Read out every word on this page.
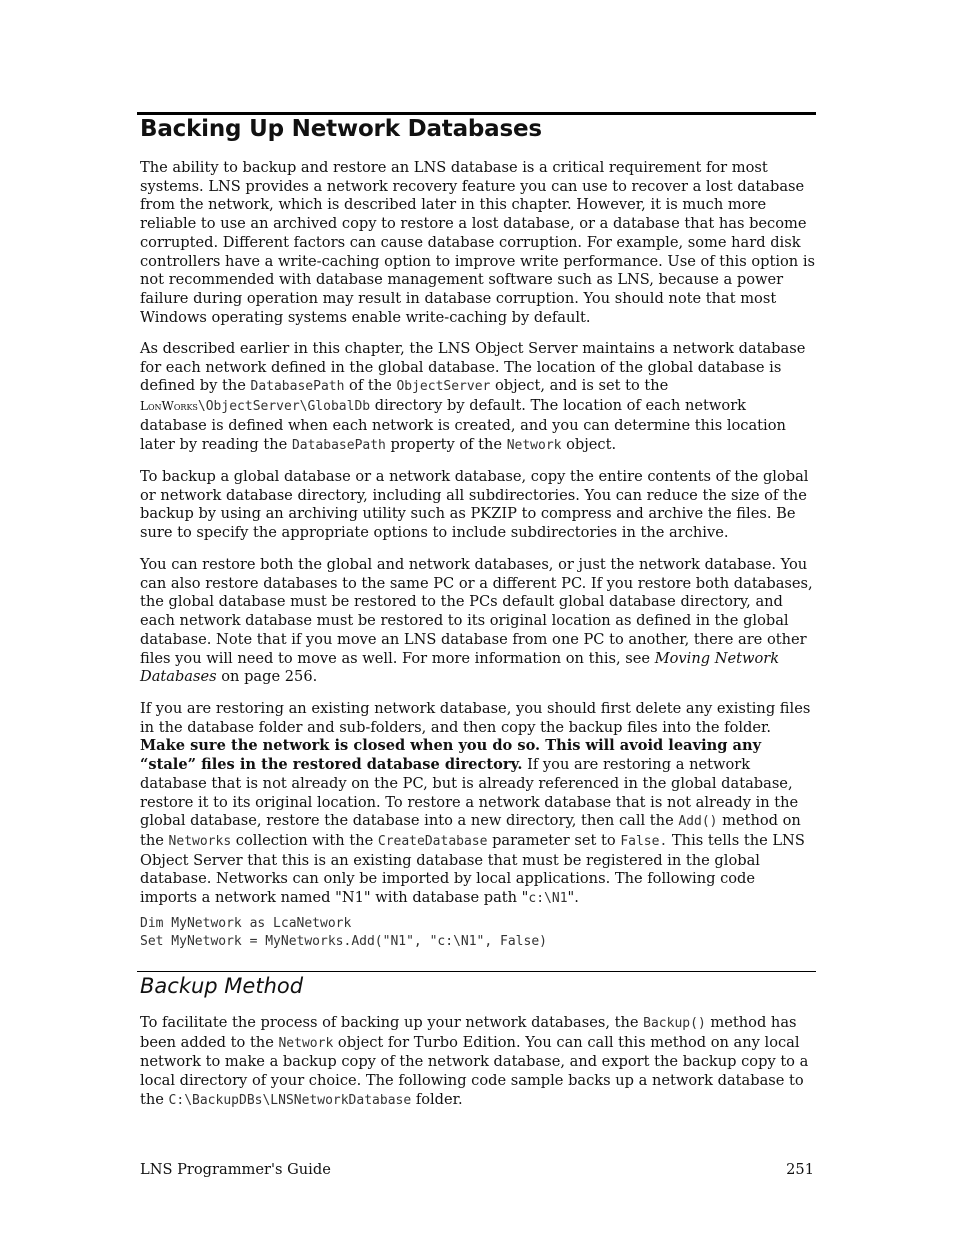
Backing Up Network Databases

The ability to backup and restore an LNS database is a critical requirement for most systems. LNS provides a network recovery feature you can use to recover a lost database from the network, which is described later in this chapter. However, it is much more reliable to use an archived copy to restore a lost database, or a database that has become corrupted. Different factors can cause database corruption. For example, some hard disk controllers have a write-caching option to improve write performance. Use of this option is not recommended with database management software such as LNS, because a power failure during operation may result in database corruption. You should note that most Windows operating systems enable write-caching by default.

As described earlier in this chapter, the LNS Object Server maintains a network database for each network defined in the global database. The location of the global database is defined by the DatabasePath of the ObjectServer object, and is set to the LonWorks\ObjectServer\GlobalDb directory by default. The location of each network database is defined when each network is created, and you can determine this location later by reading the DatabasePath property of the Network object.

To backup a global database or a network database, copy the entire contents of the global or network database directory, including all subdirectories. You can reduce the size of the backup by using an archiving utility such as PKZIP to compress and archive the files. Be sure to specify the appropriate options to include subdirectories in the archive.

You can restore both the global and network databases, or just the network database. You can also restore databases to the same PC or a different PC. If you restore both databases, the global database must be restored to the PCs default global database directory, and each network database must be restored to its original location as defined in the global database. Note that if you move an LNS database from one PC to another, there are other files you will need to move as well. For more information on this, see Moving Network Databases on page 256.

If you are restoring an existing network database, you should first delete any existing files in the database folder and sub-folders, and then copy the backup files into the folder. Make sure the network is closed when you do so. This will avoid leaving any “stale” files in the restored database directory. If you are restoring a network database that is not already on the PC, but is already referenced in the global database, restore it to its original location. To restore a network database that is not already in the global database, restore the database into a new directory, then call the Add() method on the Networks collection with the CreateDatabase parameter set to False. This tells the LNS Object Server that this is an existing database that must be registered in the global database. Networks can only be imported by local applications. The following code imports a network named "N1" with database path "c:\N1".

Dim MyNetwork as LcaNetwork
Set MyNetwork = MyNetworks.Add("N1", "c:\N1", False)
Backup Method

To facilitate the process of backing up your network databases, the Backup() method has been added to the Network object for Turbo Edition. You can call this method on any local network to make a backup copy of the network database, and export the backup copy to a local directory of your choice. The following code sample backs up a network database to the C:\BackupDBs\LNSNetworkDatabase folder.

LNS Programmer's Guide	251
